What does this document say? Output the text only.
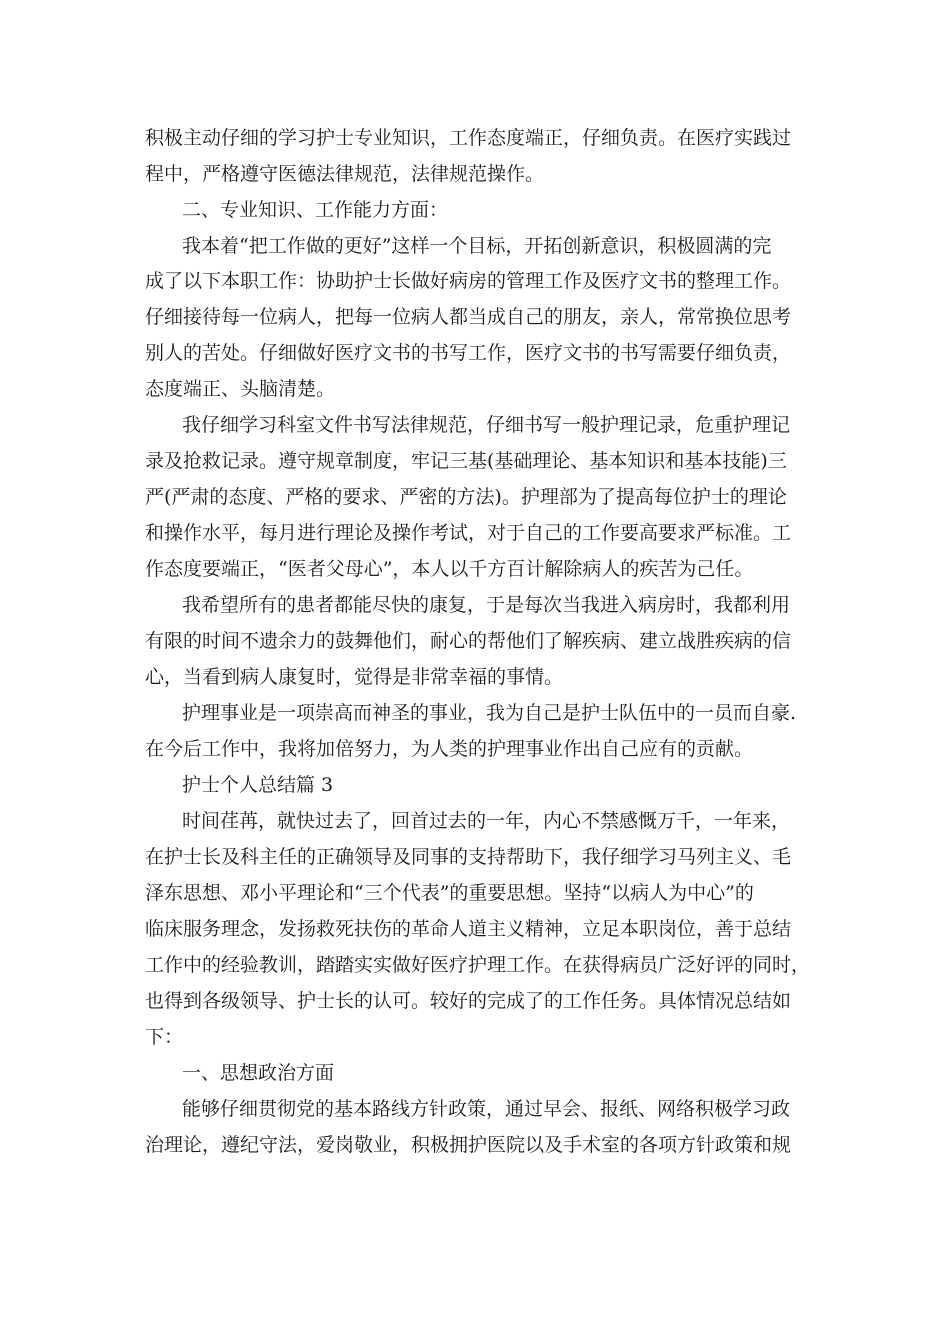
积极主动仔细的学习护士专业知识，工作态度端正，仔细负责。在医疗实践过

程中，严格遵守医德法律规范，法律规范操作。

二、专业知识、工作能力方面：

我本着“把工作做的更好”这样一个目标，开拓创新意识，积极圆满的完

成了以下本职工作：协助护士长做好病房的管理工作及医疗文书的整理工作。

仔细接待每一位病人，把每一位病人都当成自己的朋友，亲人，常常换位思考

别人的苦处。仔细做好医疗文书的书写工作，医疗文书的书写需要仔细负责，

态度端正、头脑清楚。

我仔细学习科室文件书写法律规范，仔细书写一般护理记录，危重护理记

录及抢救记录。遵守规章制度，牢记三基(基础理论、基本知识和基本技能)三

严(严肃的态度、严格的要求、严密的方法)。护理部为了提高每位护士的理论

和操作水平，每月进行理论及操作考试，对于自己的工作要高要求严标准。工

作态度要端正，“医者父母心”，本人以千方百计解除病人的疾苦为己任。

我希望所有的患者都能尽快的康复，于是每次当我进入病房时，我都利用

有限的时间不遗余力的鼓舞他们，耐心的帮他们了解疾病、建立战胜疾病的信

心，当看到病人康复时，觉得是非常幸福的事情。

护理事业是一项崇高而神圣的事业，我为自己是护士队伍中的一员而自豪.

在今后工作中，我将加倍努力，为人类的护理事业作出自己应有的贡献。

护士个人总结篇 3

时间荏苒，就快过去了，回首过去的一年，内心不禁感慨万千，一年来，

在护士长及科主任的正确领导及同事的支持帮助下，我仔细学习马列主义、毛

泽东思想、邓小平理论和“三个代表”的重要思想。坚持“以病人为中心”的

临床服务理念，发扬救死扶伤的革命人道主义精神，立足本职岗位，善于总结

工作中的经验教训，踏踏实实做好医疗护理工作。在获得病员广泛好评的同时，

也得到各级领导、护士长的认可。较好的完成了的工作任务。具体情况总结如

下：

一、思想政治方面

能够仔细贯彻党的基本路线方针政策，通过早会、报纸、网络积极学习政

治理论，遵纪守法，爱岗敬业，积极拥护医院以及手术室的各项方针政策和规
